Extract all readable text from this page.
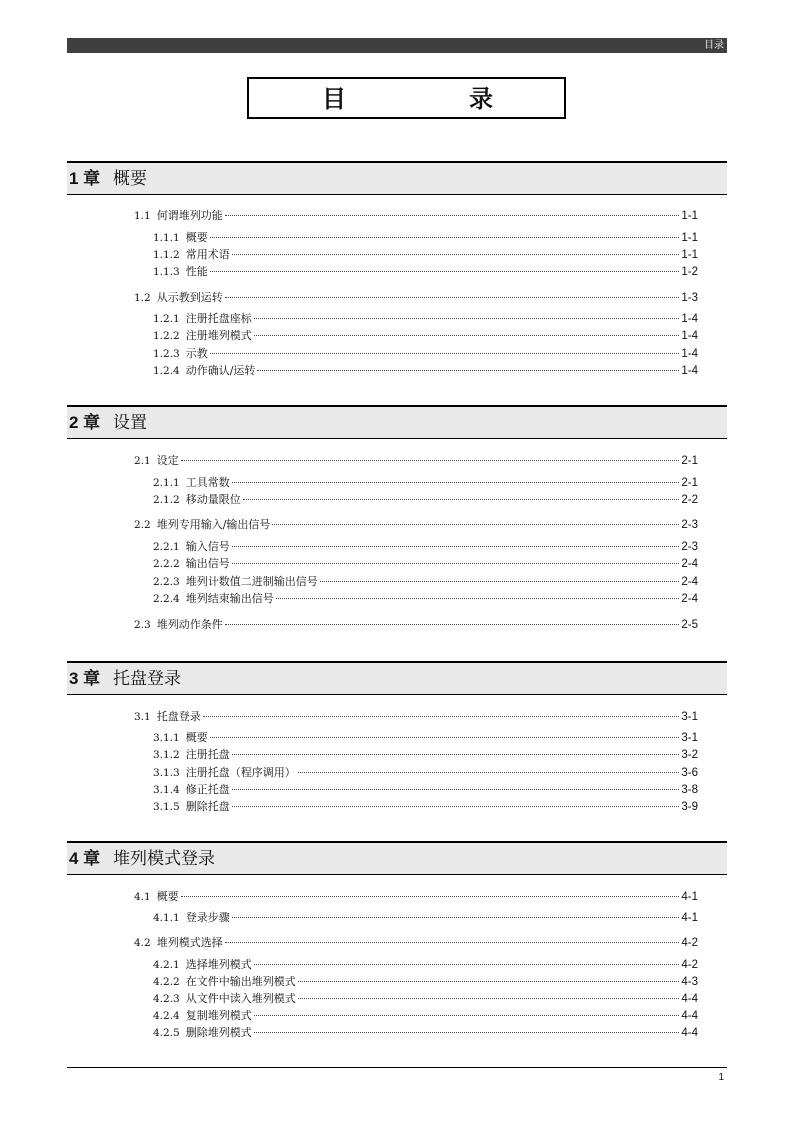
目录
目	录
1 章 概要
1.1 何谓堆列功能	1-1
1.1.1 概要	1-1
1.1.2 常用术语	1-1
1.1.3 性能	1-2
1.2 从示教到运转	1-3
1.2.1 注册托盘座标	1-4
1.2.2 注册堆列模式	1-4
1.2.3 示教	1-4
1.2.4 动作确认/运转	1-4
2 章 设置
2.1 设定	2-1
2.1.1 工具常数	2-1
2.1.2 移动量限位	2-2
2.2 堆列专用输入/输出信号	2-3
2.2.1 输入信号	2-3
2.2.2 输出信号	2-4
2.2.3 堆列计数值二进制输出信号	2-4
2.2.4 堆列结束输出信号	2-4
2.3 堆列动作条件	2-5
3 章 托盘登录
3.1 托盘登录	3-1
3.1.1 概要	3-1
3.1.2 注册托盘	3-2
3.1.3 注册托盘（程序调用）	3-6
3.1.4 修正托盘	3-8
3.1.5 删除托盘	3-9
4 章 堆列模式登录
4.1 概要	4-1
4.1.1 登录步骤	4-1
4.2 堆列模式选择	4-2
4.2.1 选择堆列模式	4-2
4.2.2 在文件中输出堆列模式	4-3
4.2.3 从文件中读入堆列模式	4-4
4.2.4 复制堆列模式	4-4
4.2.5 删除堆列模式	4-4
1
